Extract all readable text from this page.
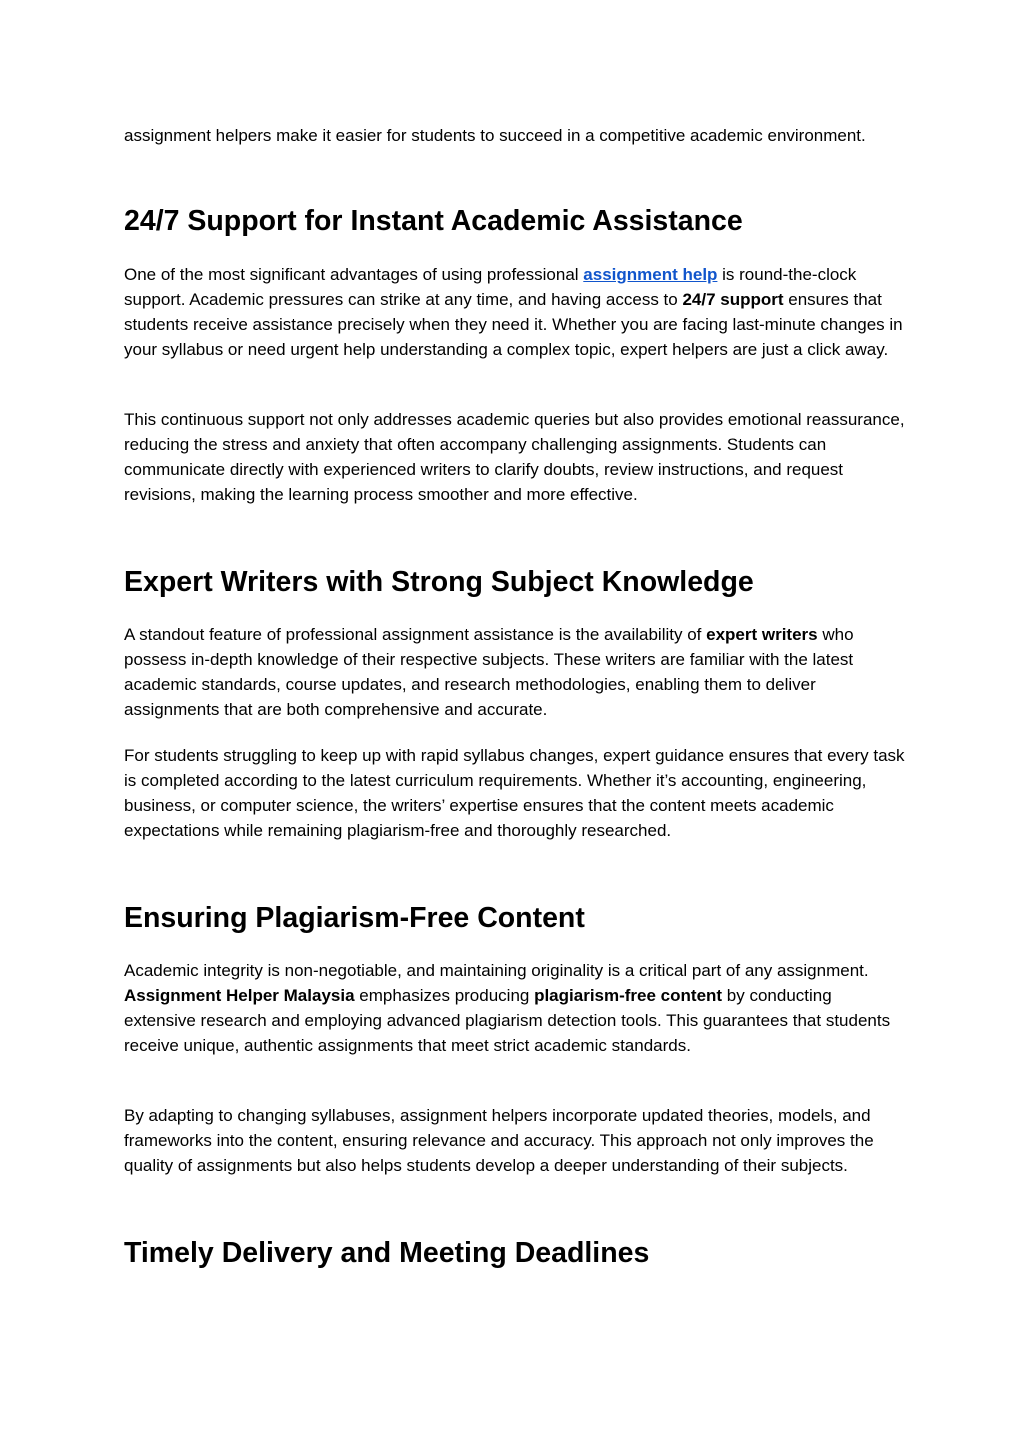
assignment helpers make it easier for students to succeed in a competitive academic environment.

24/7 Support for Instant Academic Assistance

One of the most significant advantages of using professional assignment help is round-the-clock support. Academic pressures can strike at any time, and having access to 24/7 support ensures that students receive assistance precisely when they need it. Whether you are facing last-minute changes in your syllabus or need urgent help understanding a complex topic, expert helpers are just a click away.

This continuous support not only addresses academic queries but also provides emotional reassurance, reducing the stress and anxiety that often accompany challenging assignments. Students can communicate directly with experienced writers to clarify doubts, review instructions, and request revisions, making the learning process smoother and more effective.

Expert Writers with Strong Subject Knowledge

A standout feature of professional assignment assistance is the availability of expert writers who possess in-depth knowledge of their respective subjects. These writers are familiar with the latest academic standards, course updates, and research methodologies, enabling them to deliver assignments that are both comprehensive and accurate.

For students struggling to keep up with rapid syllabus changes, expert guidance ensures that every task is completed according to the latest curriculum requirements. Whether it’s accounting, engineering, business, or computer science, the writers’ expertise ensures that the content meets academic expectations while remaining plagiarism-free and thoroughly researched.

Ensuring Plagiarism-Free Content

Academic integrity is non-negotiable, and maintaining originality is a critical part of any assignment. Assignment Helper Malaysia emphasizes producing plagiarism-free content by conducting extensive research and employing advanced plagiarism detection tools. This guarantees that students receive unique, authentic assignments that meet strict academic standards.

By adapting to changing syllabuses, assignment helpers incorporate updated theories, models, and frameworks into the content, ensuring relevance and accuracy. This approach not only improves the quality of assignments but also helps students develop a deeper understanding of their subjects.

Timely Delivery and Meeting Deadlines
